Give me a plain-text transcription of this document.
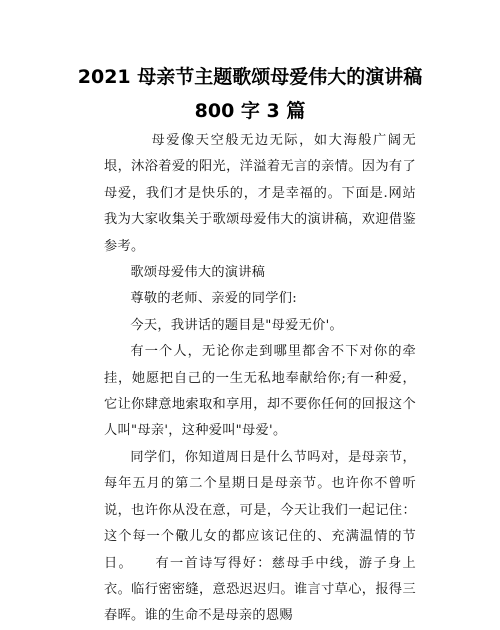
2021 母亲节主题歌颂母爱伟大的演讲稿
800 字 3 篇

母爱像天空般无边无际，如大海般广阔无垠，沐浴着爱的阳光，洋溢着无言的亲情。因为有了母爱，我们才是快乐的，才是幸福的。下面是.网站我为大家收集关于歌颂母爱伟大的演讲稿，欢迎借鉴参考。

歌颂母爱伟大的演讲稿

尊敬的老师、亲爱的同学们:

今天，我讲话的题目是"母爱无价'。

有一个人，无论你走到哪里都舍不下对你的牵挂，她愿把自己的一生无私地奉献给你;有一种爱，它让你肆意地索取和享用，却不要你任何的回报这个人叫"母亲'，这种爱叫"母爱'。

同学们，你知道周日是什么节吗对，是母亲节，每年五月的第二个星期日是母亲节。也许你不曾听说，也许你从没在意，可是，今天让我们一起记住：这个每一个儆儿女的都应该记住的、充满温情的节日。　　有一首诗写得好：慈母手中线，游子身上衣。临行密密缝，意恐迟迟归。谁言寸草心，报得三春晖。谁的生命不是母亲的恩赐
